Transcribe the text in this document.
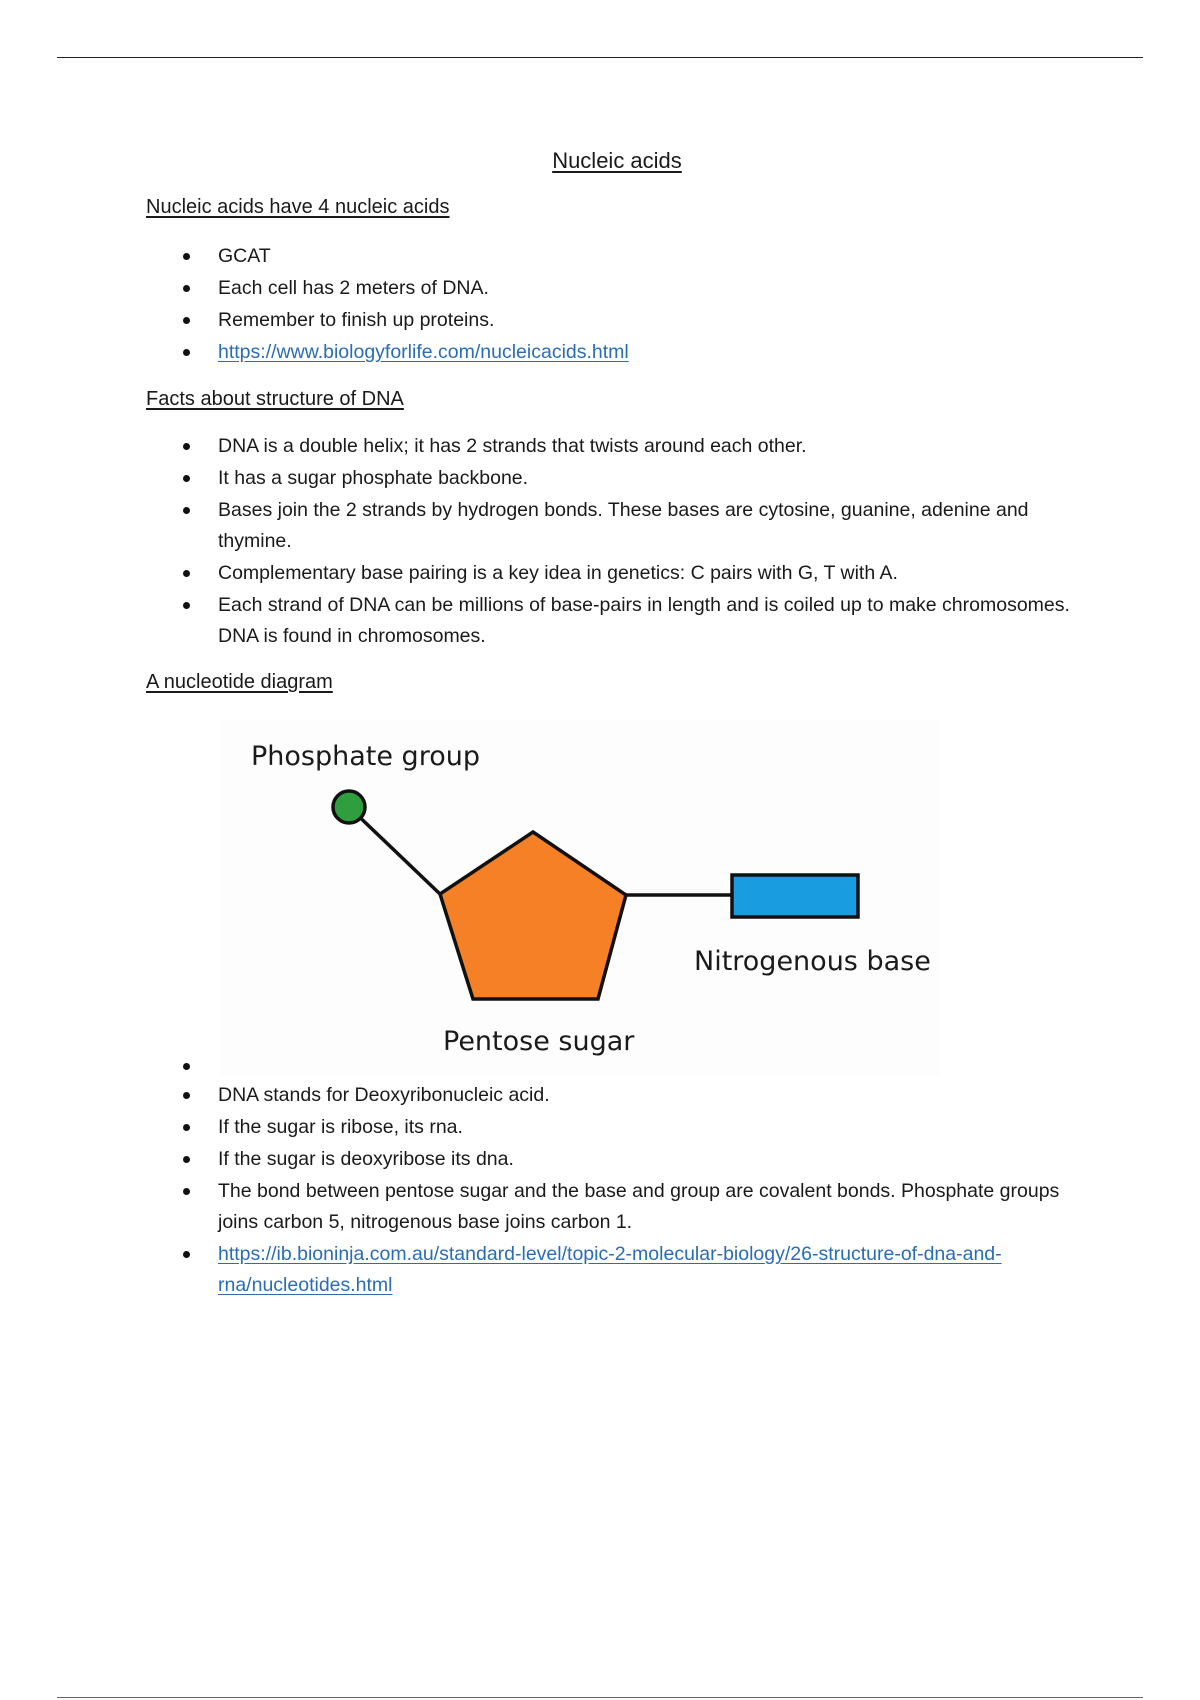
Nucleic acids
Nucleic acids have 4 nucleic acids
GCAT
Each cell has 2 meters of DNA.
Remember to finish up proteins.
https://www.biologyforlife.com/nucleicacids.html
Facts about structure of DNA
DNA is a double helix; it has 2 strands that twists around each other.
It has a sugar phosphate backbone.
Bases join the 2 strands by hydrogen bonds. These bases are cytosine, guanine, adenine and thymine.
Complementary base pairing is a key idea in genetics: C pairs with G, T with A.
Each strand of DNA can be millions of base-pairs in length and is coiled up to make chromosomes. DNA is found in chromosomes.
A nucleotide diagram
Phosphate group
Nitrogenous base
Pentose sugar
DNA stands for Deoxyribonucleic acid.
If the sugar is ribose, its rna.
If the sugar is deoxyribose its dna.
The bond between pentose sugar and the base and group are covalent bonds. Phosphate groups joins carbon 5, nitrogenous base joins carbon 1.
https://ib.bioninja.com.au/standard-level/topic-2-molecular-biology/26-structure-of-dna-and-rna/nucleotides.html
